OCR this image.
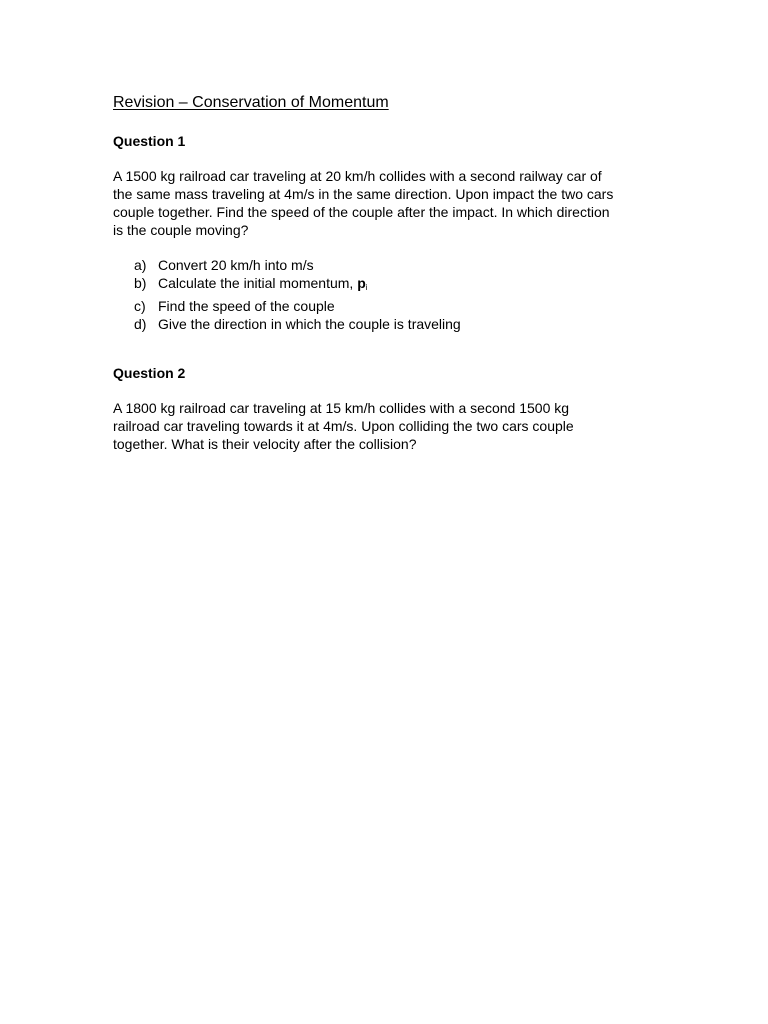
Revision – Conservation of Momentum
Question 1
A 1500 kg railroad car traveling at 20 km/h collides with a second railway car of
the same mass traveling at 4m/s in the same direction. Upon impact the two cars
couple together. Find the speed of the couple after the impact. In which direction
is the couple moving?
a) Convert 20 km/h into m/s
b) Calculate the initial momentum, $p_i$
c) Find the speed of the couple
d) Give the direction in which the couple is traveling
Question 2
A 1800 kg railroad car traveling at 15 km/h collides with a second 1500 kg
railroad car traveling towards it at 4m/s. Upon colliding the two cars couple
together. What is their velocity after the collision?
